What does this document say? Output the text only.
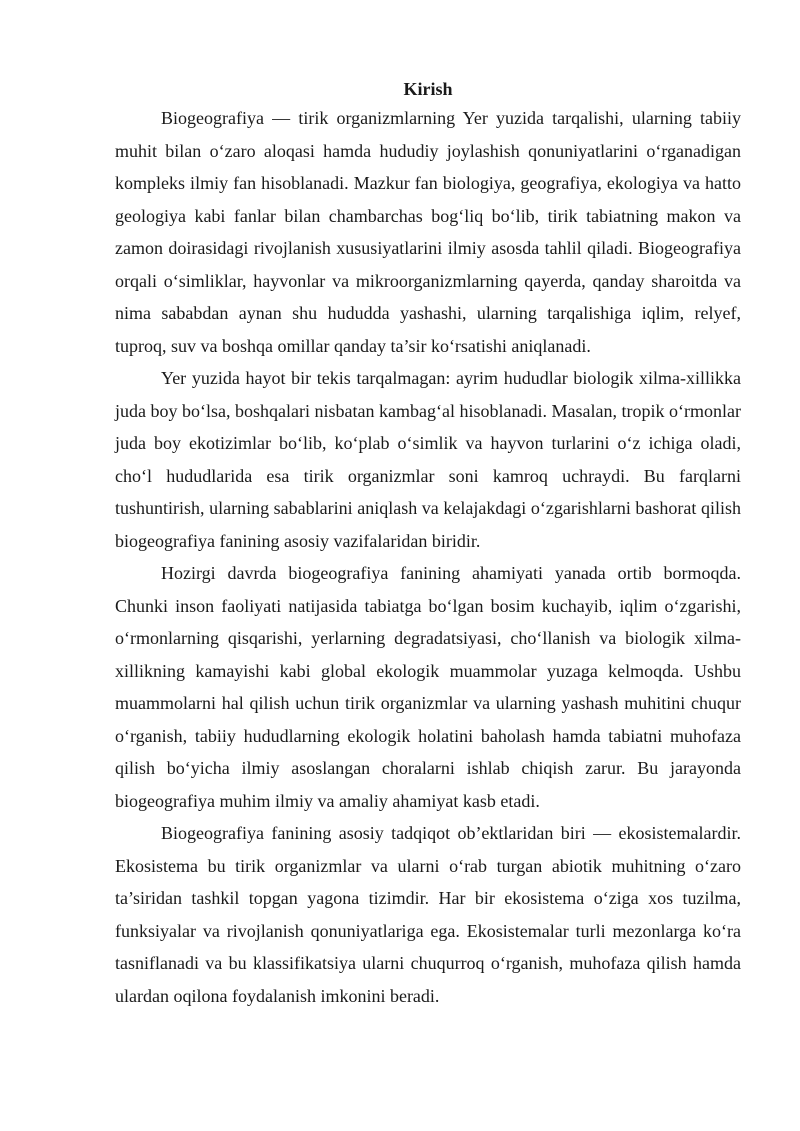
Kirish

Biogeografiya — tirik organizmlarning Yer yuzida tarqalishi, ularning tabiiy muhit bilan o‘zaro aloqasi hamda hududiy joylashish qonuniyatlarini o‘rganadigan kompleks ilmiy fan hisoblanadi. Mazkur fan biologiya, geografiya, ekologiya va hatto geologiya kabi fanlar bilan chambarchas bog‘liq bo‘lib, tirik tabiatning makon va zamon doirasidagi rivojlanish xususiyatlarini ilmiy asosda tahlil qiladi. Biogeografiya orqali o‘simliklar, hayvonlar va mikroorganizmlarning qayerda, qanday sharoitda va nima sababdan aynan shu hududda yashashi, ularning tarqalishiga iqlim, relyef, tuproq, suv va boshqa omillar qanday ta’sir ko‘rsatishi aniqlanadi.

Yer yuzida hayot bir tekis tarqalmagan: ayrim hududlar biologik xilma-xillikka juda boy bo‘lsa, boshqalari nisbatan kambag‘al hisoblanadi. Masalan, tropik o‘rmonlar juda boy ekotizimlar bo‘lib, ko‘plab o‘simlik va hayvon turlarini o‘z ichiga oladi, cho‘l hududlarida esa tirik organizmlar soni kamroq uchraydi. Bu farqlarni tushuntirish, ularning sabablarini aniqlash va kelajakdagi o‘zgarishlarni bashorat qilish biogeografiya fanining asosiy vazifalaridan biridir.

Hozirgi davrda biogeografiya fanining ahamiyati yanada ortib bormoqda. Chunki inson faoliyati natijasida tabiatga bo‘lgan bosim kuchayib, iqlim o‘zgarishi, o‘rmonlarning qisqarishi, yerlarning degradatsiyasi, cho‘llanish va biologik xilma-xillikning kamayishi kabi global ekologik muammolar yuzaga kelmoqda. Ushbu muammolarni hal qilish uchun tirik organizmlar va ularning yashash muhitini chuqur o‘rganish, tabiiy hududlarning ekologik holatini baholash hamda tabiatni muhofaza qilish bo‘yicha ilmiy asoslangan choralarni ishlab chiqish zarur. Bu jarayonda biogeografiya muhim ilmiy va amaliy ahamiyat kasb etadi.

Biogeografiya fanining asosiy tadqiqot ob’ektlaridan biri — ekosistemalardir. Ekosistema bu tirik organizmlar va ularni o‘rab turgan abiotik muhitning o‘zaro ta’siridan tashkil topgan yagona tizimdir. Har bir ekosistema o‘ziga xos tuzilma, funksiyalar va rivojlanish qonuniyatlariga ega. Ekosistemalar turli mezonlarga ko‘ra tasniflanadi va bu klassifikatsiya ularni chuqurroq o‘rganish, muhofaza qilish hamda ulardan oqilona foydalanish imkonini beradi.
